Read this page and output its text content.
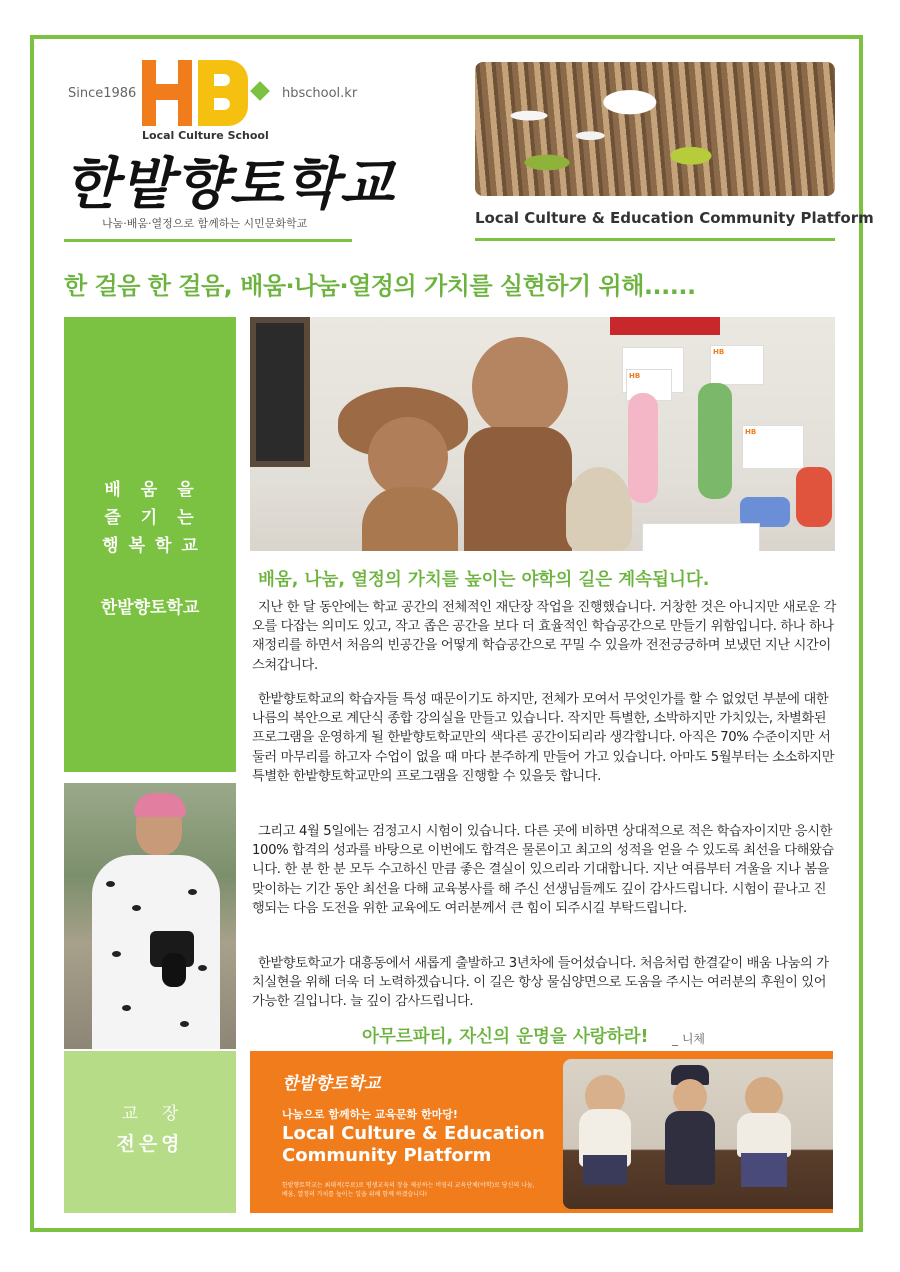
Since1986	hbschool.kr
Local Culture School
한밭향토학교
나눔·배움·열정으로 함께하는 시민문화학교	Local Culture & Education Community Platform
한 걸음 한 걸음, 배움·나눔·열정의 가치를 실현하기 위해......
배움을
즐기는
행복학교
한밭향토학교
교장
전은영
HB
HB
HB
배움, 나눔, 열정의 가치를 높이는 야학의 길은 계속됩니다.

지난 한 달 동안에는 학교 공간의 전체적인 재단장 작업을 진행했습니다. 거창한 것은 아니지만 새로운 각오를 다잡는 의미도 있고, 작고 좁은 공간을 보다 더 효율적인 학습공간으로 만들기 위함입니다. 하나 하나 재정리를 하면서 처음의 빈공간을 어떻게 학습공간으로 꾸밀 수 있을까 전전긍긍하며 보냈던 지난 시간이 스쳐갑니다.

한밭향토학교의 학습자들 특성 때문이기도 하지만, 전체가 모여서 무엇인가를 할 수 없었던 부분에 대한 나름의 복안으로 계단식 종합 강의실을 만들고 있습니다. 작지만 특별한, 소박하지만 가치있는, 차별화된 프로그램을 운영하게 될 한밭향토학교만의 색다른 공간이되리라 생각합니다. 아직은 70% 수준이지만 서둘러 마무리를 하고자 수업이 없을 때 마다 분주하게 만들어 가고 있습니다. 아마도 5월부터는 소소하지만 특별한 한밭향토학교만의 프로그램을 진행할 수 있을듯 합니다.

그리고 4월 5일에는 검정고시 시험이 있습니다. 다른 곳에 비하면 상대적으로 적은 학습자이지만 응시한 100% 합격의 성과를 바탕으로 이번에도 합격은 물론이고 최고의 성적을 얻을 수 있도록 최선을 다해왔습니다. 한 분 한 분 모두 수고하신 만큼 좋은 결실이 있으리라 기대합니다. 지난 여름부터 겨울을 지나 봄을 맞이하는 기간 동안 최선을 다해 교육봉사를 해 주신 선생님들께도 깊이 감사드립니다. 시험이 끝나고 진행되는 다음 도전을 위한 교육에도 여러분께서 큰 힘이 되주시길 부탁드립니다.

한밭향토학교가 대흥동에서 새롭게 출발하고 3년차에 들어섰습니다. 처음처럼 한결같이 배움 나눔의 가치실현을 위해 더욱 더 노력하겠습니다. 이 길은 항상 물심양면으로 도움을 주시는 여러분의 후원이 있어 가능한 길입니다. 늘 깊이 감사드립니다.

아무르파티, 자신의 운명을 사랑하라! _ 니체
한밭향토학교
나눔으로 함께하는 교육문화 한마당!
Local Culture & Education
Community Platform
한밭향토학교는 최대적(무료)로 평생교육의 장을 제공하는 비영리 교육단체(야학)로 당신의 나눔, 배움, 열정의 가치를 높이는 일을 위해 함께 하겠습니다!
